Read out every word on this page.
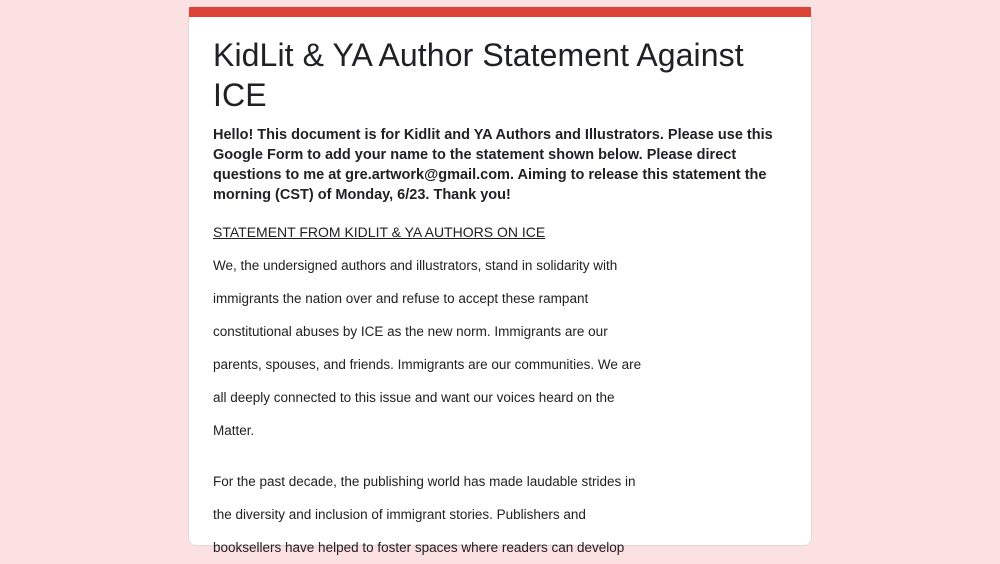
KidLit & YA Author Statement Against ICE

Hello! This document is for Kidlit and YA Authors and Illustrators. Please use this Google Form to add your name to the statement shown below. Please direct questions to me at gre.artwork@gmail.com. Aiming to release this statement the morning (CST) of Monday, 6/23. Thank you!

STATEMENT FROM KIDLIT & YA AUTHORS ON ICE

We, the undersigned authors and illustrators, stand in solidarity with

immigrants the nation over and refuse to accept these rampant

constitutional abuses by ICE as the new norm. Immigrants are our

parents, spouses, and friends. Immigrants are our communities. We are

all deeply connected to this issue and want our voices heard on the

Matter.

For the past decade, the publishing world has made laudable strides in

the diversity and inclusion of immigrant stories. Publishers and

booksellers have helped to foster spaces where readers can develop
